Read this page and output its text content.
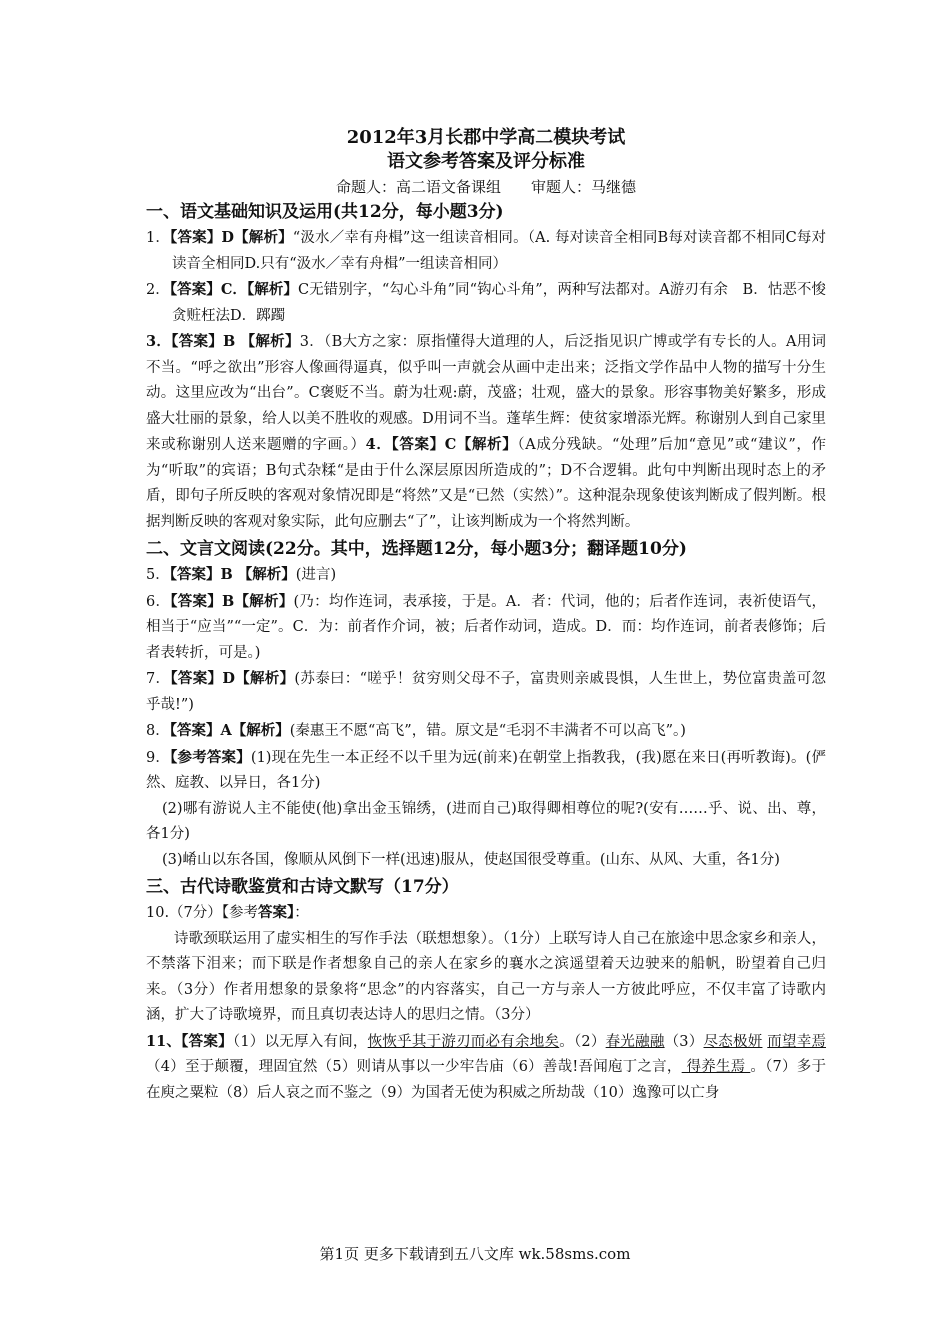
2012年3月长郡中学高二模块考试
语文参考答案及评分标准
命题人：高二语文备课组　　审题人：马继德
一、语文基础知识及运用(共12分，每小题3分)
1．【答案】D【解析】“汲水／幸有舟楫”这一组读音相同。（A. 每对读音全相同B每对读音都不相同C每对读音全相同D.只有“汲水／幸有舟楫”一组读音相同）
2．【答案】C．【解析】C无错别字，“勾心斗角”同“钩心斗角”，两种写法都对。A游刃有余　B．怙恶不悛　贪赃枉法D．踯躅
3．【答案】B 【解析】3．（B大方之家：原指懂得大道理的人，后泛指见识广博或学有专长的人。A用词不当。“呼之欲出”形容人像画得逼真，似乎叫一声就会从画中走出来；泛指文学作品中人物的描写十分生动。这里应改为“出台”。C褒贬不当。蔚为壮观:蔚，茂盛；壮观，盛大的景象。形容事物美好繁多，形成盛大壮丽的景象，给人以美不胜收的观感。D用词不当。蓬荜生辉：使贫家增添光辉。称谢别人到自己家里来或称谢别人送来题赠的字画。）4．【答案】C【解析】（A成分残缺。“处理”后加“意见”或“建议”，作为“听取”的宾语；B句式杂糅“是由于什么深层原因所造成的”；D不合逻辑。此句中判断出现时态上的矛盾，即句子所反映的客观对象情况即是“将然”又是“已然（实然）”。这种混杂现象使该判断成了假判断。根据判断反映的客观对象实际，此句应删去“了”，让该判断成为一个将然判断。
二、文言文阅读(22分。其中，选择题12分，每小题3分；翻译题10分)
5．【答案】B 【解析】(进言)
6．【答案】B【解析】(乃：均作连词，表承接，于是。A．者：代词，他的；后者作连词，表祈使语气，相当于“应当”“一定”。C．为：前者作介词，被；后者作动词，造成。D．而：均作连词，前者表修饰；后者表转折，可是。)
7．【答案】D【解析】(苏泰曰：“嗟乎！贫穷则父母不子，富贵则亲戚畏惧，人生世上，势位富贵盖可忽乎哉!”)
8．【答案】A【解析】(秦惠王不愿“高飞”，错。原文是“毛羽不丰满者不可以高飞”。)
9．【参考答案】(1)现在先生一本正经不以千里为远(前来)在朝堂上指教我，(我)愿在来日(再听教诲)。(俨然、庭教、以异日，各1分)
(2)哪有游说人主不能使(他)拿出金玉锦绣，(进而自己)取得卿相尊位的呢?(安有……乎、说、出、尊，各1分)
(3)崤山以东各国，像顺从风倒下一样(迅速)服从，使赵国很受尊重。(山东、从风、大重，各1分)
三、古代诗歌鉴赏和古诗文默写（17分）
10.（7分）【参考答案】：
诗歌颈联运用了虚实相生的写作手法（联想想象）。（1分）上联写诗人自己在旅途中思念家乡和亲人，不禁落下泪来；而下联是作者想象自己的亲人在家乡的襄水之滨遥望着天边驶来的船帆，盼望着自己归来。（3分）作者用想象的景象将“思念”的内容落实，自己一方与亲人一方彼此呼应，不仅丰富了诗歌内涵，扩大了诗歌境界，而且真切表达诗人的思归之情。（3分）
11、【答案】（1）以无厚入有间，恢恢乎其于游刃而必有余地矣。（2）春光融融（3）尽态极妍 而望幸焉（4）至于颠覆，理固宜然（5）则请从事以一少牢告庙（6）善哉!吾闻庖丁之言， 得养生焉 。（7）多于在庾之粟粒（8）后人哀之而不鉴之（9）为国者无使为积威之所劫哉（10）逸豫可以亡身
第1页 更多下载请到五八文库 wk.58sms.com
